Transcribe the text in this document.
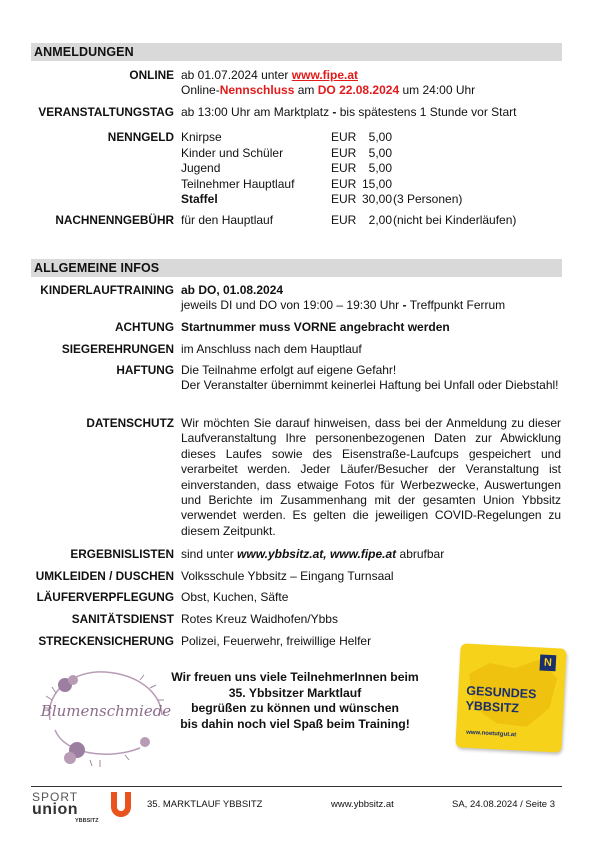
ANMELDUNGEN
ONLINE ab 01.07.2024 unter www.fipe.at
Online-Nennschluss am DO 22.08.2024 um 24:00 Uhr
VERANSTALTUNGSTAG ab 13:00 Uhr am Marktplatz - bis spätestens 1 Stunde vor Start
NENNGELD Knirpse	EUR	5,00
Kinder und Schüler	EUR	5,00
Jugend	EUR	5,00
Teilnehmer Hauptlauf	EUR 15,00
Staffel	EUR 30,00 (3 Personen)
NACHNENNGEBÜHR für den Hauptlauf	EUR	2,00 (nicht bei Kinderläufen)
ALLGEMEINE INFOS
KINDERLAUFTRAINING ab DO, 01.08.2024
jeweils DI und DO von 19:00 – 19:30 Uhr - Treffpunkt Ferrum
ACHTUNG Startnummer muss VORNE angebracht werden
SIEGEREHRUNGEN im Anschluss nach dem Hauptlauf
HAFTUNG Die Teilnahme erfolgt auf eigene Gefahr!
Der Veranstalter übernimmt keinerlei Haftung bei Unfall oder Diebstahl!
DATENSCHUTZ Wir möchten Sie darauf hinweisen, dass bei der Anmeldung zu dieser Laufveranstaltung Ihre personenbezogenen Daten zur Abwicklung dieses Laufes sowie des Eisenstraße-Laufcups gespeichert und verarbeitet werden. Jeder Läufer/Besucher der Veranstaltung ist einverstanden, dass etwaige Fotos für Werbezwecke, Auswertungen und Berichte im Zusammenhang mit der gesamten Union Ybbsitz verwendet werden. Es gelten die jeweiligen COVID-Regelungen zu diesem Zeitpunkt.
ERGEBNISLISTEN sind unter www.ybbsitz.at, www.fipe.at abrufbar
UMKLEIDEN / DUSCHEN Volksschule Ybbsitz – Eingang Turnsaal
LÄUFERVERPFLEGUNG Obst, Kuchen, Säfte
SANITÄTSDIENST Rotes Kreuz Waidhofen/Ybbs
STRECKENSICHERUNG Polizei, Feuerwehr, freiwillige Helfer
Blumenschmiede
Wir freuen uns viele TeilnehmerInnen beim
35. Ybbsitzer Marktlauf
begrüßen zu können und wünschen
bis dahin noch viel Spaß beim Training!
N
GESUNDES
YBBSITZ
www.noetutgut.at
SPORT
union
YBBSITZ
35. MARKTLAUF YBBSITZ	www.ybbsitz.at	SA, 24.08.2024 / Seite 3
